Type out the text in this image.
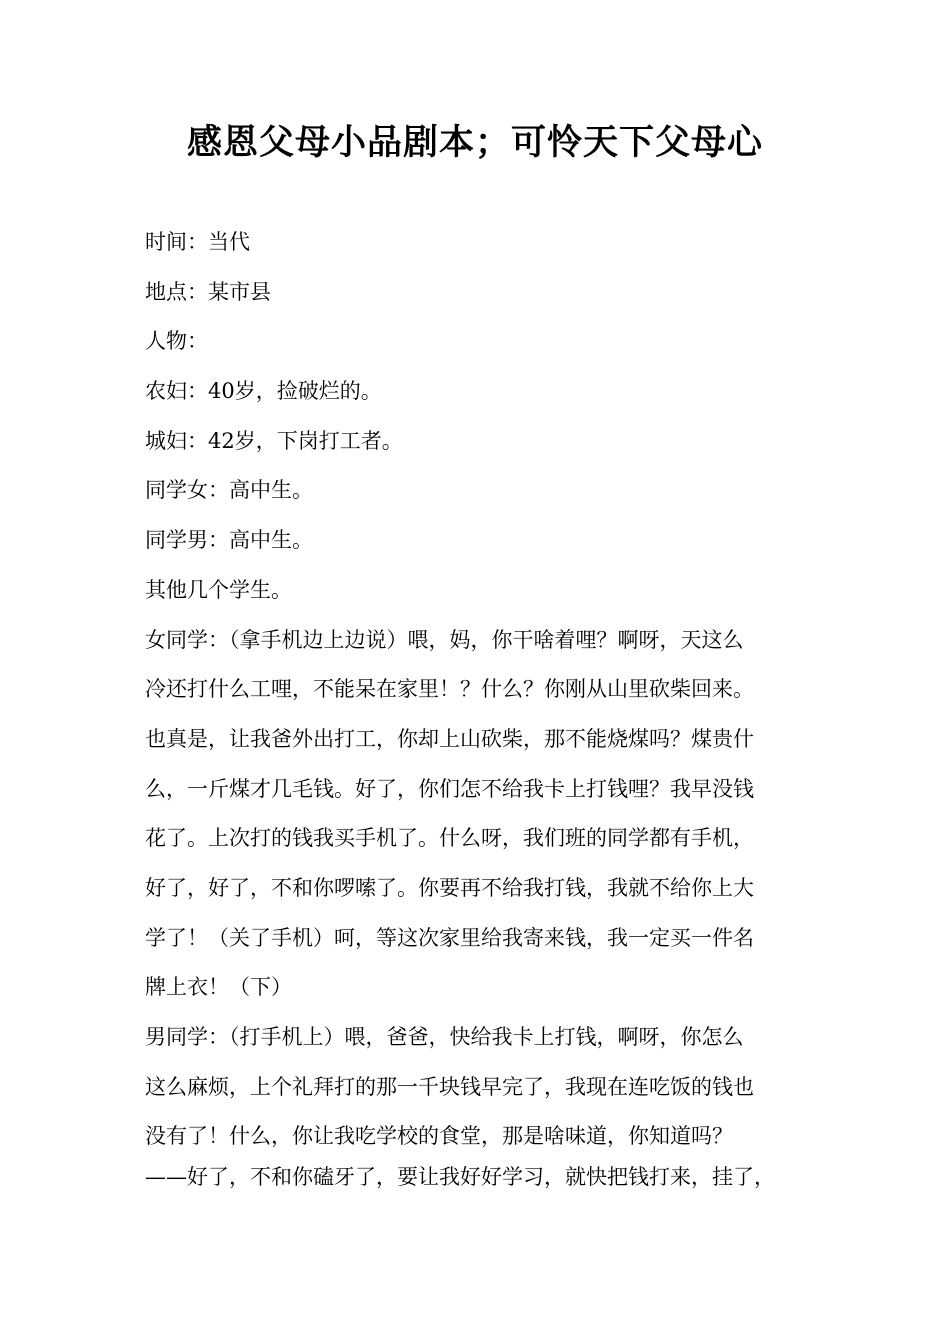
感恩父母小品剧本；可怜天下父母心
时间：当代
地点：某市县
人物：
农妇：40岁，捡破烂的。
城妇：42岁，下岗打工者。
同学女：高中生。
同学男：高中生。
其他几个学生。
女同学：（拿手机边上边说）喂，妈，你干啥着哩？啊呀，天这么
冷还打什么工哩，不能呆在家里！？什么？你刚从山里砍柴回来。
也真是，让我爸外出打工，你却上山砍柴，那不能烧煤吗？煤贵什
么，一斤煤才几毛钱。好了，你们怎不给我卡上打钱哩？我早没钱
花了。上次打的钱我买手机了。什么呀，我们班的同学都有手机，
好了，好了，不和你啰嗦了。你要再不给我打钱，我就不给你上大
学了！（关了手机）呵，等这次家里给我寄来钱，我一定买一件名
牌上衣！（下）
男同学：（打手机上）喂，爸爸，快给我卡上打钱，啊呀，你怎么
这么麻烦，上个礼拜打的那一千块钱早完了，我现在连吃饭的钱也
没有了！什么，你让我吃学校的食堂，那是啥味道，你知道吗？
——好了，不和你磕牙了，要让我好好学习，就快把钱打来，挂了，
